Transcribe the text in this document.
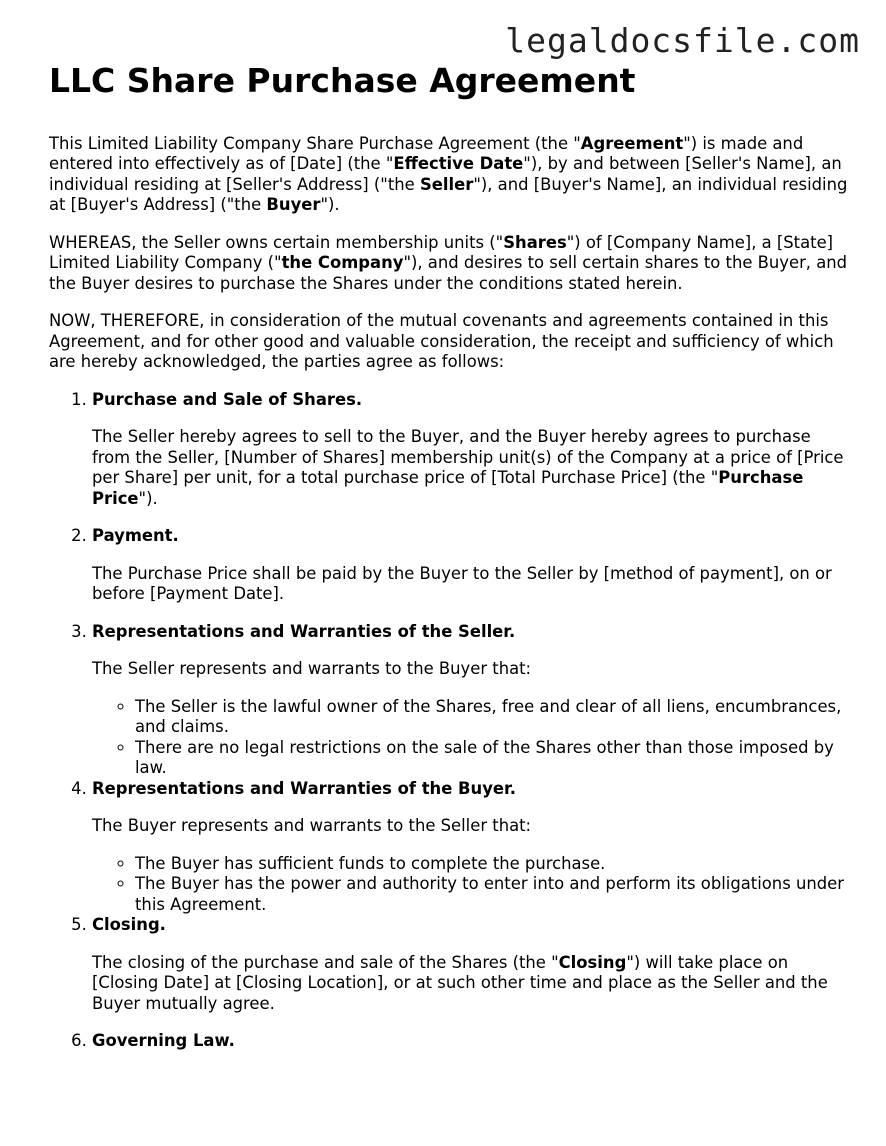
legaldocsfile.com
LLC Share Purchase Agreement

This Limited Liability Company Share Purchase Agreement (the "Agreement") is made and entered into effectively as of [Date] (the "Effective Date"), by and between [Seller's Name], an individual residing at [Seller's Address] ("the Seller"), and [Buyer's Name], an individual residing at [Buyer's Address] ("the Buyer").

WHEREAS, the Seller owns certain membership units ("Shares") of [Company Name], a [State] Limited Liability Company ("the Company"), and desires to sell certain shares to the Buyer, and the Buyer desires to purchase the Shares under the conditions stated herein.

NOW, THEREFORE, in consideration of the mutual covenants and agreements contained in this Agreement, and for other good and valuable consideration, the receipt and sufficiency of which are hereby acknowledged, the parties agree as follows:

1. Purchase and Sale of Shares.

The Seller hereby agrees to sell to the Buyer, and the Buyer hereby agrees to purchase from the Seller, [Number of Shares] membership unit(s) of the Company at a price of [Price per Share] per unit, for a total purchase price of [Total Purchase Price] (the "Purchase Price").

2. Payment.

The Purchase Price shall be paid by the Buyer to the Seller by [method of payment], on or before [Payment Date].

3. Representations and Warranties of the Seller.

The Seller represents and warrants to the Buyer that:

◦ The Seller is the lawful owner of the Shares, free and clear of all liens, encumbrances, and claims.
◦ There are no legal restrictions on the sale of the Shares other than those imposed by law.
4. Representations and Warranties of the Buyer.

The Buyer represents and warrants to the Seller that:

◦ The Buyer has sufficient funds to complete the purchase.
◦ The Buyer has the power and authority to enter into and perform its obligations under this Agreement.
5. Closing.

The closing of the purchase and sale of the Shares (the "Closing") will take place on [Closing Date] at [Closing Location], or at such other time and place as the Seller and the Buyer mutually agree.

6. Governing Law.
